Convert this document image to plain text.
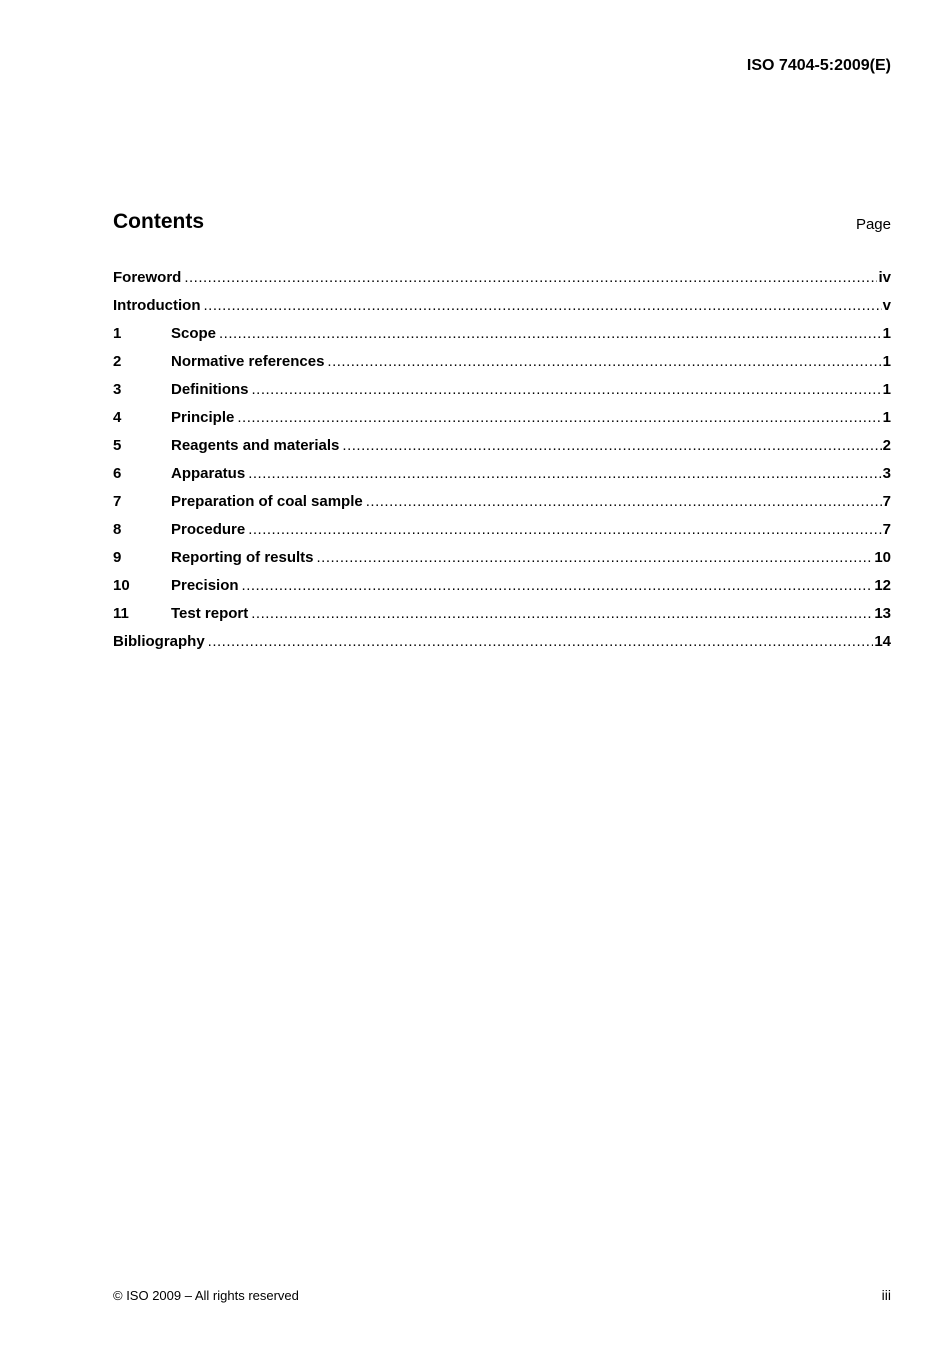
ISO 7404-5:2009(E)
Contents	Page
Foreword .....	iv
Introduction .....	v
1	Scope .....	1
2	Normative references .....	1
3	Definitions .....	1
4	Principle .....	1
5	Reagents and materials .....	2
6	Apparatus .....	3
7	Preparation of coal sample .....	7
8	Procedure .....	7
9	Reporting of results .....	10
10	Precision .....	12
11	Test report .....	13
Bibliography .....	14
© ISO 2009 – All rights reserved	iii
